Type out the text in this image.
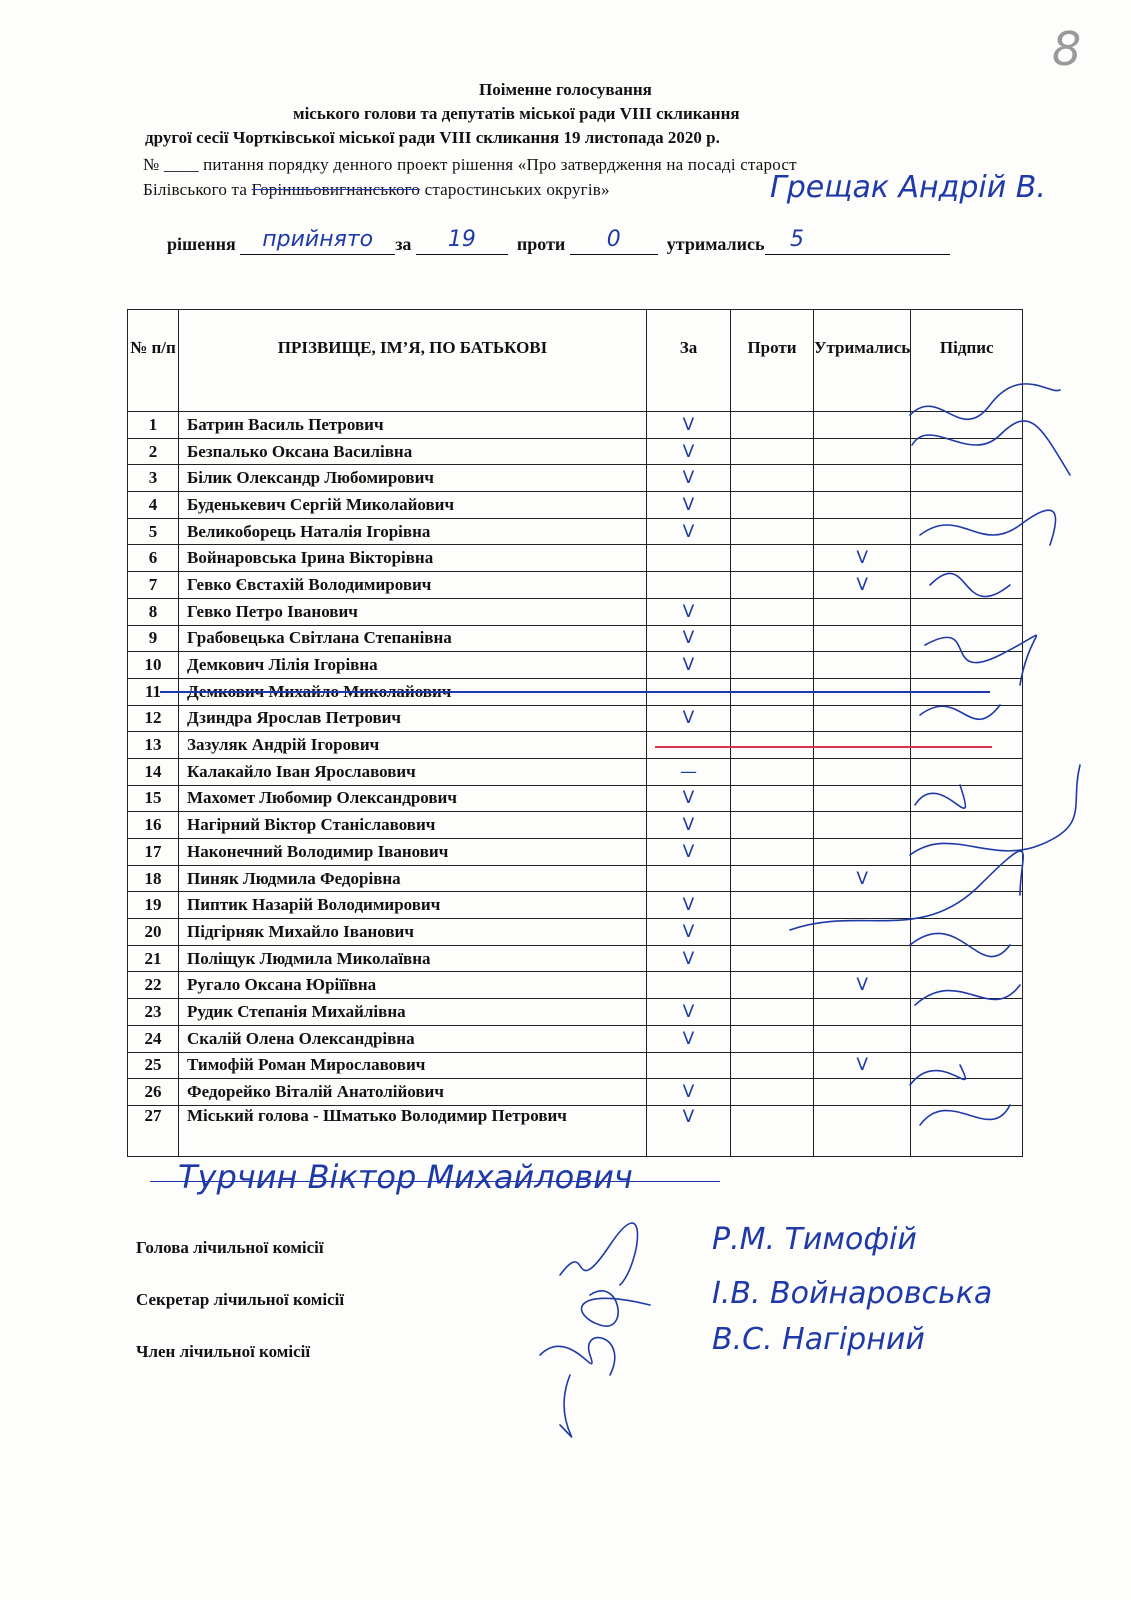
8
Поіменне голосування
міського голови та депутатів міської ради VIII скликання
другої сесії Чортківської міської ради VIII скликання 19 листопада 2020 р.
№ ____ питання порядку денного проект рішення «Про затвердження на посаді старост
Білівського та Горіншьовигнанського старостинських округів»	Грещак Андрій В.
рішення	прийнято	за	19	проти	0	утримались	5
№ п/п	ПРІЗВИЩЕ, ІМ’Я, ПО БАТЬКОВІ	За	Проти	Утримались	Підпис
1	Батрин Василь Петрович	V			
2	Безпалько Оксана Василівна	V			
3	Білик Олександр Любомирович	V			
4	Буденькевич Сергій Миколайович	V			
5	Великоборець Наталія Ігорівна	V			
6	Войнаровська Ірина Вікторівна			V	
7	Гевко Євстахій Володимирович			V	
8	Гевко Петро Іванович	V			
9	Грабовецька Світлана Степанівна	V			
10	Демкович Лілія Ігорівна	V			
11	Демкович Михайло Миколайович				
12	Дзиндра Ярослав Петрович	V			
13	Зазуляк Андрій Ігорович				
14	Калакайло Іван Ярославович	—			
15	Махомет Любомир Олександрович	V			
16	Нагірний Віктор Станіславович	V			
17	Наконечний Володимир Іванович	V			
18	Пиняк Людмила Федорівна			V	
19	Пиптик Назарій Володимирович	V			
20	Підгірняк Михайло Іванович	V			
21	Поліщук Людмила Миколаївна	V			
22	Ругало Оксана Юріїївна			V	
23	Рудик Степанія Михайлівна	V			
24	Скалій Олена Олександрівна	V			
25	Тимофій Роман Мирославович			V	
26	Федорейко Віталій Анатолійович	V			
27	Міський голова - Шматько Володимир Петрович	V			
Турчин Віктор Михайлович
Голова лічильної комісії
Секретар лічильної комісії
Член лічильної комісії
Р.М. Тимофій
І.В. Войнаровська
В.С. Нагірний
